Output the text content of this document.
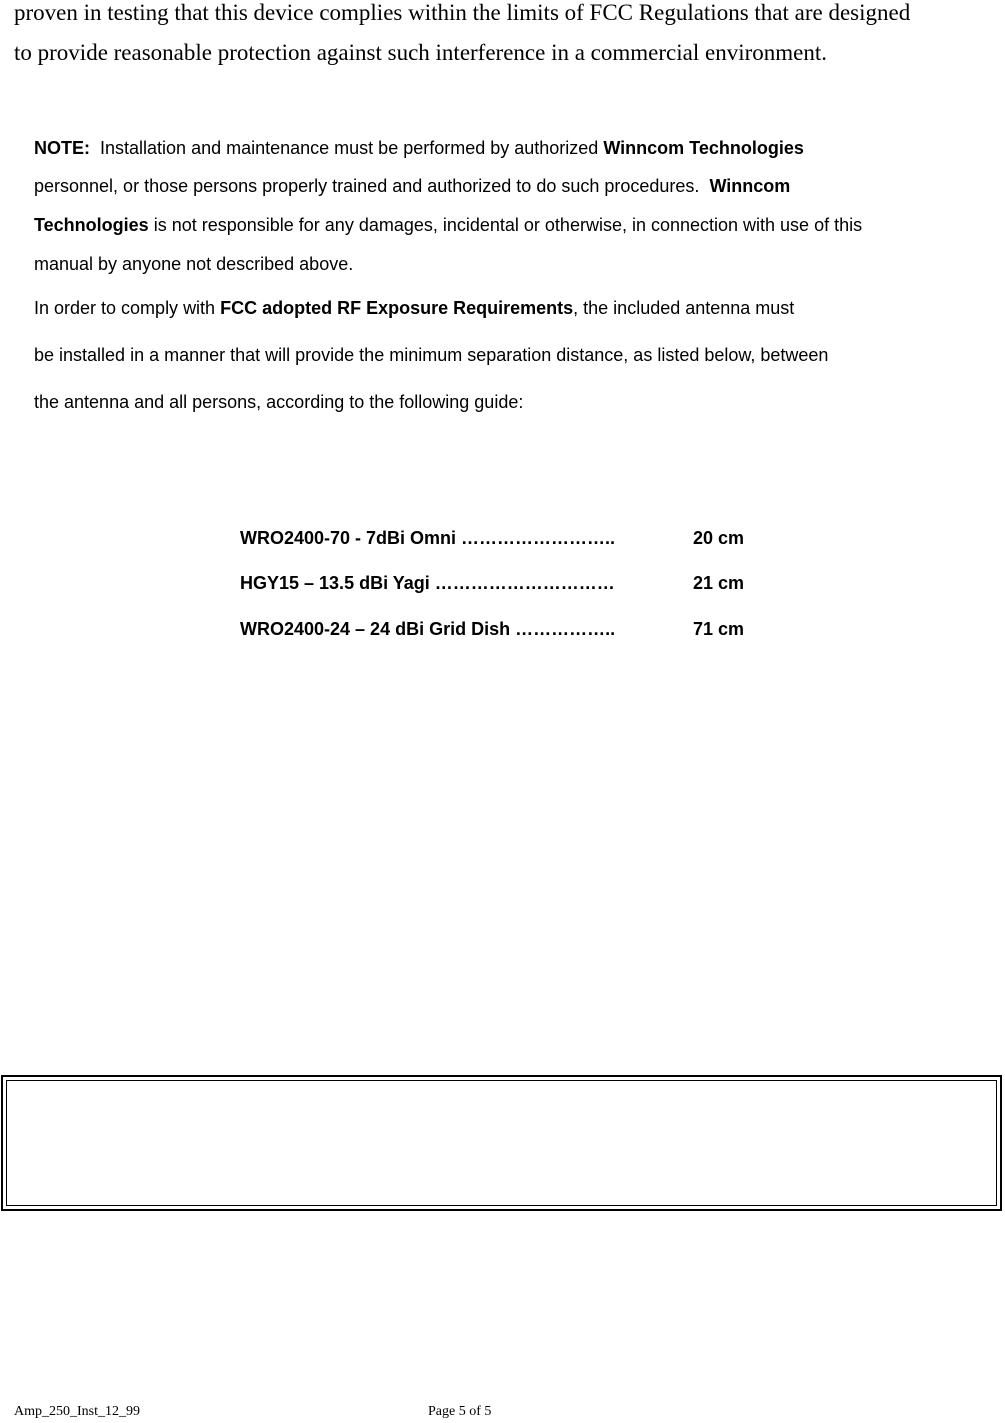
proven in testing that this device complies within the limits of FCC Regulations that are designed
to provide reasonable protection against such interference in a commercial environment.
NOTE: Installation and maintenance must be performed by authorized Winncom Technologies
personnel, or those persons properly trained and authorized to do such procedures. Winncom
Technologies is not responsible for any damages, incidental or otherwise, in connection with use of this
manual by anyone not described above.
In order to comply with FCC adopted RF Exposure Requirements, the included antenna must
be installed in a manner that will provide the minimum separation distance, as listed below, between
the antenna and all persons, according to the following guide:
WRO2400-70 - 7dBi Omni ……………………..	20 cm
HGY15 – 13.5 dBi Yagi …………………………	21 cm
WRO2400-24 – 24 dBi Grid Dish ……………..	71 cm
Amp_250_Inst_12_99	Page 5 of 5
